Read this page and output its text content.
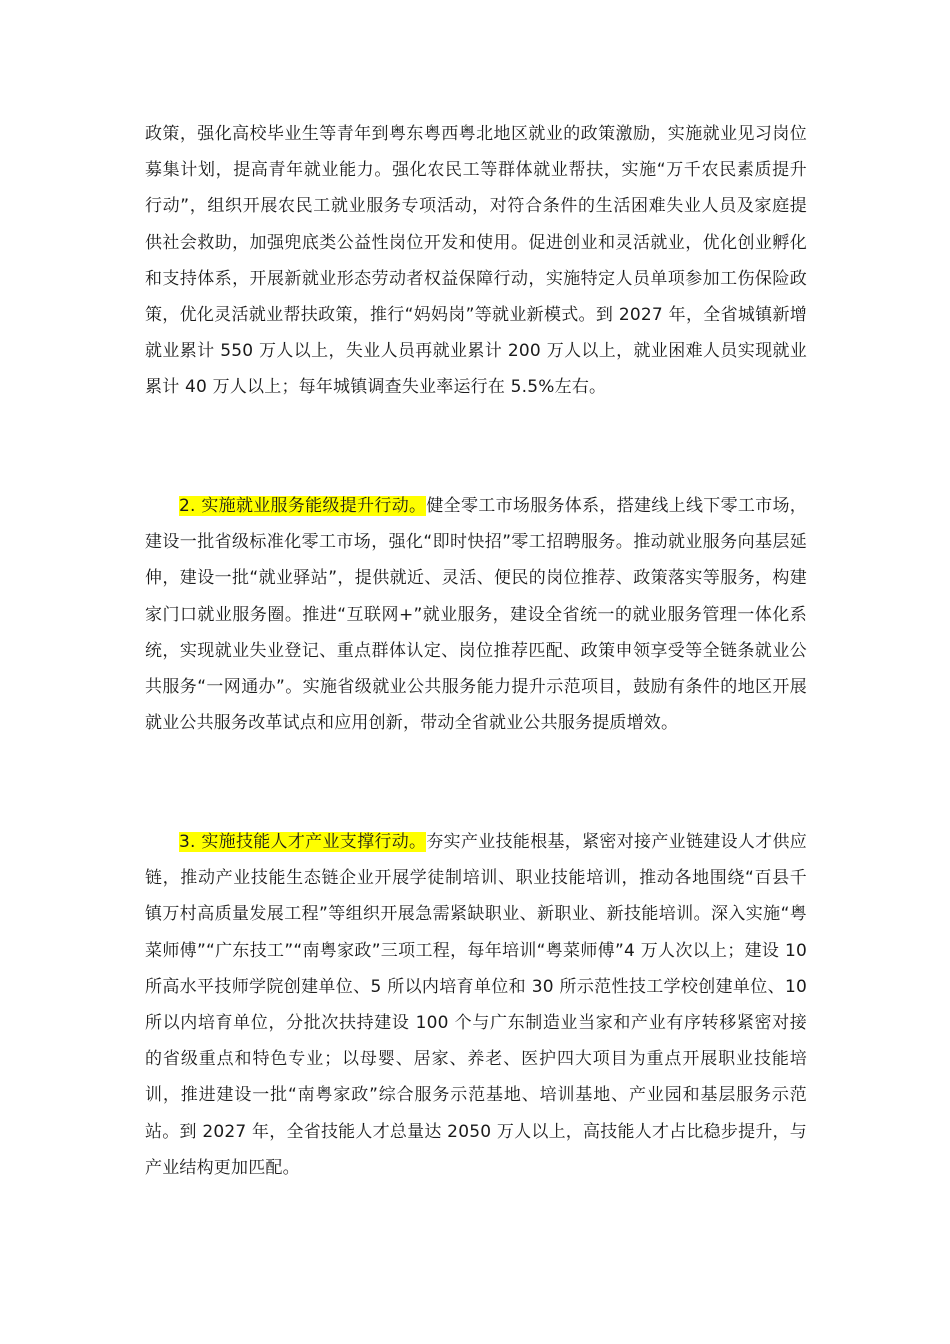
政策，强化高校毕业生等青年到粤东粤西粤北地区就业的政策激励，实施就业见习岗位募集计划，提高青年就业能力。强化农民工等群体就业帮扶，实施“万千农民素质提升行动”，组织开展农民工就业服务专项活动，对符合条件的生活困难失业人员及家庭提供社会救助，加强兜底类公益性岗位开发和使用。促进创业和灵活就业，优化创业孵化和支持体系，开展新就业形态劳动者权益保障行动，实施特定人员单项参加工伤保险政策，优化灵活就业帮扶政策，推行“妈妈岗”等就业新模式。到 2027 年，全省城镇新增就业累计 550 万人以上，失业人员再就业累计 200 万人以上，就业困难人员实现就业累计 40 万人以上；每年城镇调查失业率运行在 5.5%左右。

2. 实施就业服务能级提升行动。健全零工市场服务体系，搭建线上线下零工市场，建设一批省级标准化零工市场，强化“即时快招”零工招聘服务。推动就业服务向基层延伸，建设一批“就业驿站”，提供就近、灵活、便民的岗位推荐、政策落实等服务，构建家门口就业服务圈。推进“互联网+”就业服务，建设全省统一的就业服务管理一体化系统，实现就业失业登记、重点群体认定、岗位推荐匹配、政策申领享受等全链条就业公共服务“一网通办”。实施省级就业公共服务能力提升示范项目，鼓励有条件的地区开展就业公共服务改革试点和应用创新，带动全省就业公共服务提质增效。

3. 实施技能人才产业支撑行动。夯实产业技能根基，紧密对接产业链建设人才供应链，推动产业技能生态链企业开展学徒制培训、职业技能培训，推动各地围绕“百县千镇万村高质量发展工程”等组织开展急需紧缺职业、新职业、新技能培训。深入实施“粤菜师傅”“广东技工”“南粤家政”三项工程，每年培训“粤菜师傅”4 万人次以上；建设 10 所高水平技师学院创建单位、5 所以内培育单位和 30 所示范性技工学校创建单位、10 所以内培育单位，分批次扶持建设 100 个与广东制造业当家和产业有序转移紧密对接的省级重点和特色专业；以母婴、居家、养老、医护四大项目为重点开展职业技能培训，推进建设一批“南粤家政”综合服务示范基地、培训基地、产业园和基层服务示范站。到 2027 年，全省技能人才总量达 2050 万人以上，高技能人才占比稳步提升，与产业结构更加匹配。
